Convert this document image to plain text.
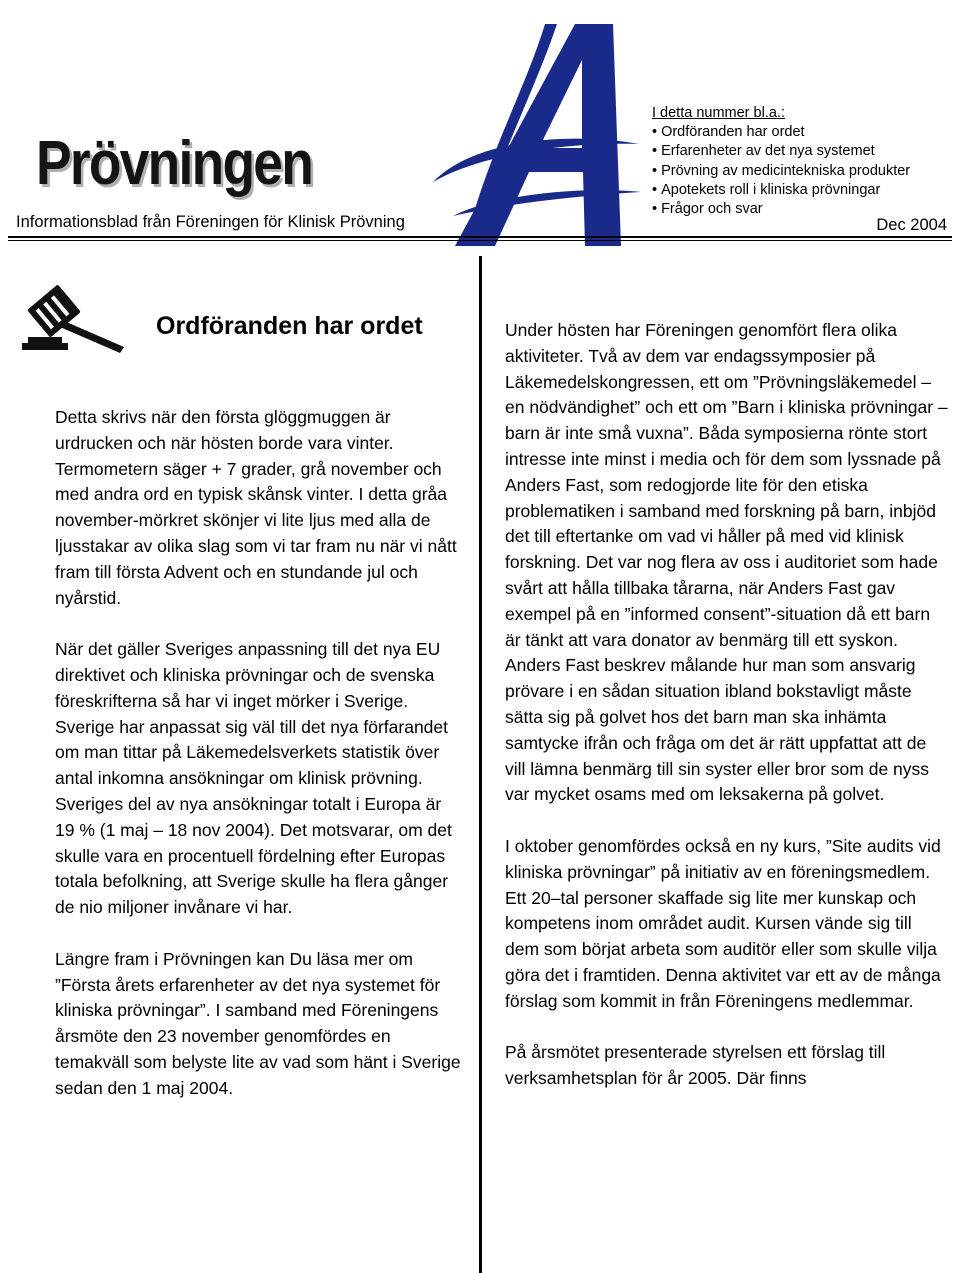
Prövningen

Informationsblad från Föreningen för Klinisk Prövning

I detta nummer bl.a.:

• Ordföranden har ordet
• Erfarenheter av det nya systemet
• Prövning av medicintekniska produkter
• Apotekets roll i kliniska prövningar
• Frågor och svar

Dec 2004

Ordföranden har ordet

Detta skrivs när den första glöggmuggen är urdrucken och när hösten borde vara vinter. Termometern säger + 7 grader, grå november och med andra ord en typisk skånsk vinter. I detta gråa november-mörkret skönjer vi lite ljus med alla de ljusstakar av olika slag som vi tar fram nu när vi nått fram till första Advent och en stundande jul och nyårstid.

När det gäller Sveriges anpassning till det nya EU direktivet och kliniska prövningar och de svenska föreskrifterna så har vi inget mörker i Sverige. Sverige har anpassat sig väl till det nya förfarandet om man tittar på Läkemedelsverkets statistik över antal inkomna ansökningar om klinisk prövning. Sveriges del av nya ansökningar totalt i Europa är 19 % (1 maj – 18 nov 2004). Det motsvarar, om det skulle vara en procentuell fördelning efter Europas totala befolkning, att Sverige skulle ha flera gånger de nio miljoner invånare vi har.

Längre fram i Prövningen kan Du läsa mer om ”Första årets erfarenheter av det nya systemet för kliniska prövningar”. I samband med Föreningens årsmöte den 23 november genomfördes en temakväll som belyste lite av vad som hänt i Sverige sedan den 1 maj 2004.

Under hösten har Föreningen genomfört flera olika aktiviteter. Två av dem var endagssymposier på Läkemedelskongressen, ett om ”Prövningsläkemedel – en nödvändighet” och ett om ”Barn i kliniska prövningar – barn är inte små vuxna”. Båda symposierna rönte stort intresse inte minst i media och för dem som lyssnade på Anders Fast, som redogjorde lite för den etiska problematiken i samband med forskning på barn, inbjöd det till eftertanke om vad vi håller på med vid klinisk forskning. Det var nog flera av oss i auditoriet som hade svårt att hålla tillbaka tårarna, när Anders Fast gav exempel på en ”informed consent”-situation då ett barn är tänkt att vara donator av benmärg till ett syskon. Anders Fast beskrev målande hur man som ansvarig prövare i en sådan situation ibland bokstavligt måste sätta sig på golvet hos det barn man ska inhämta samtycke ifrån och fråga om det är rätt uppfattat att de vill lämna benmärg till sin syster eller bror som de nyss var mycket osams med om leksakerna på golvet.

I oktober genomfördes också en ny kurs, ”Site audits vid kliniska prövningar” på initiativ av en föreningsmedlem. Ett 20–tal personer skaffade sig lite mer kunskap och kompetens inom området audit. Kursen vände sig till dem som börjat arbeta som auditör eller som skulle vilja göra det i framtiden. Denna aktivitet var ett av de många förslag som kommit in från Föreningens medlemmar.

På årsmötet presenterade styrelsen ett förslag till verksamhetsplan för år 2005. Där finns
